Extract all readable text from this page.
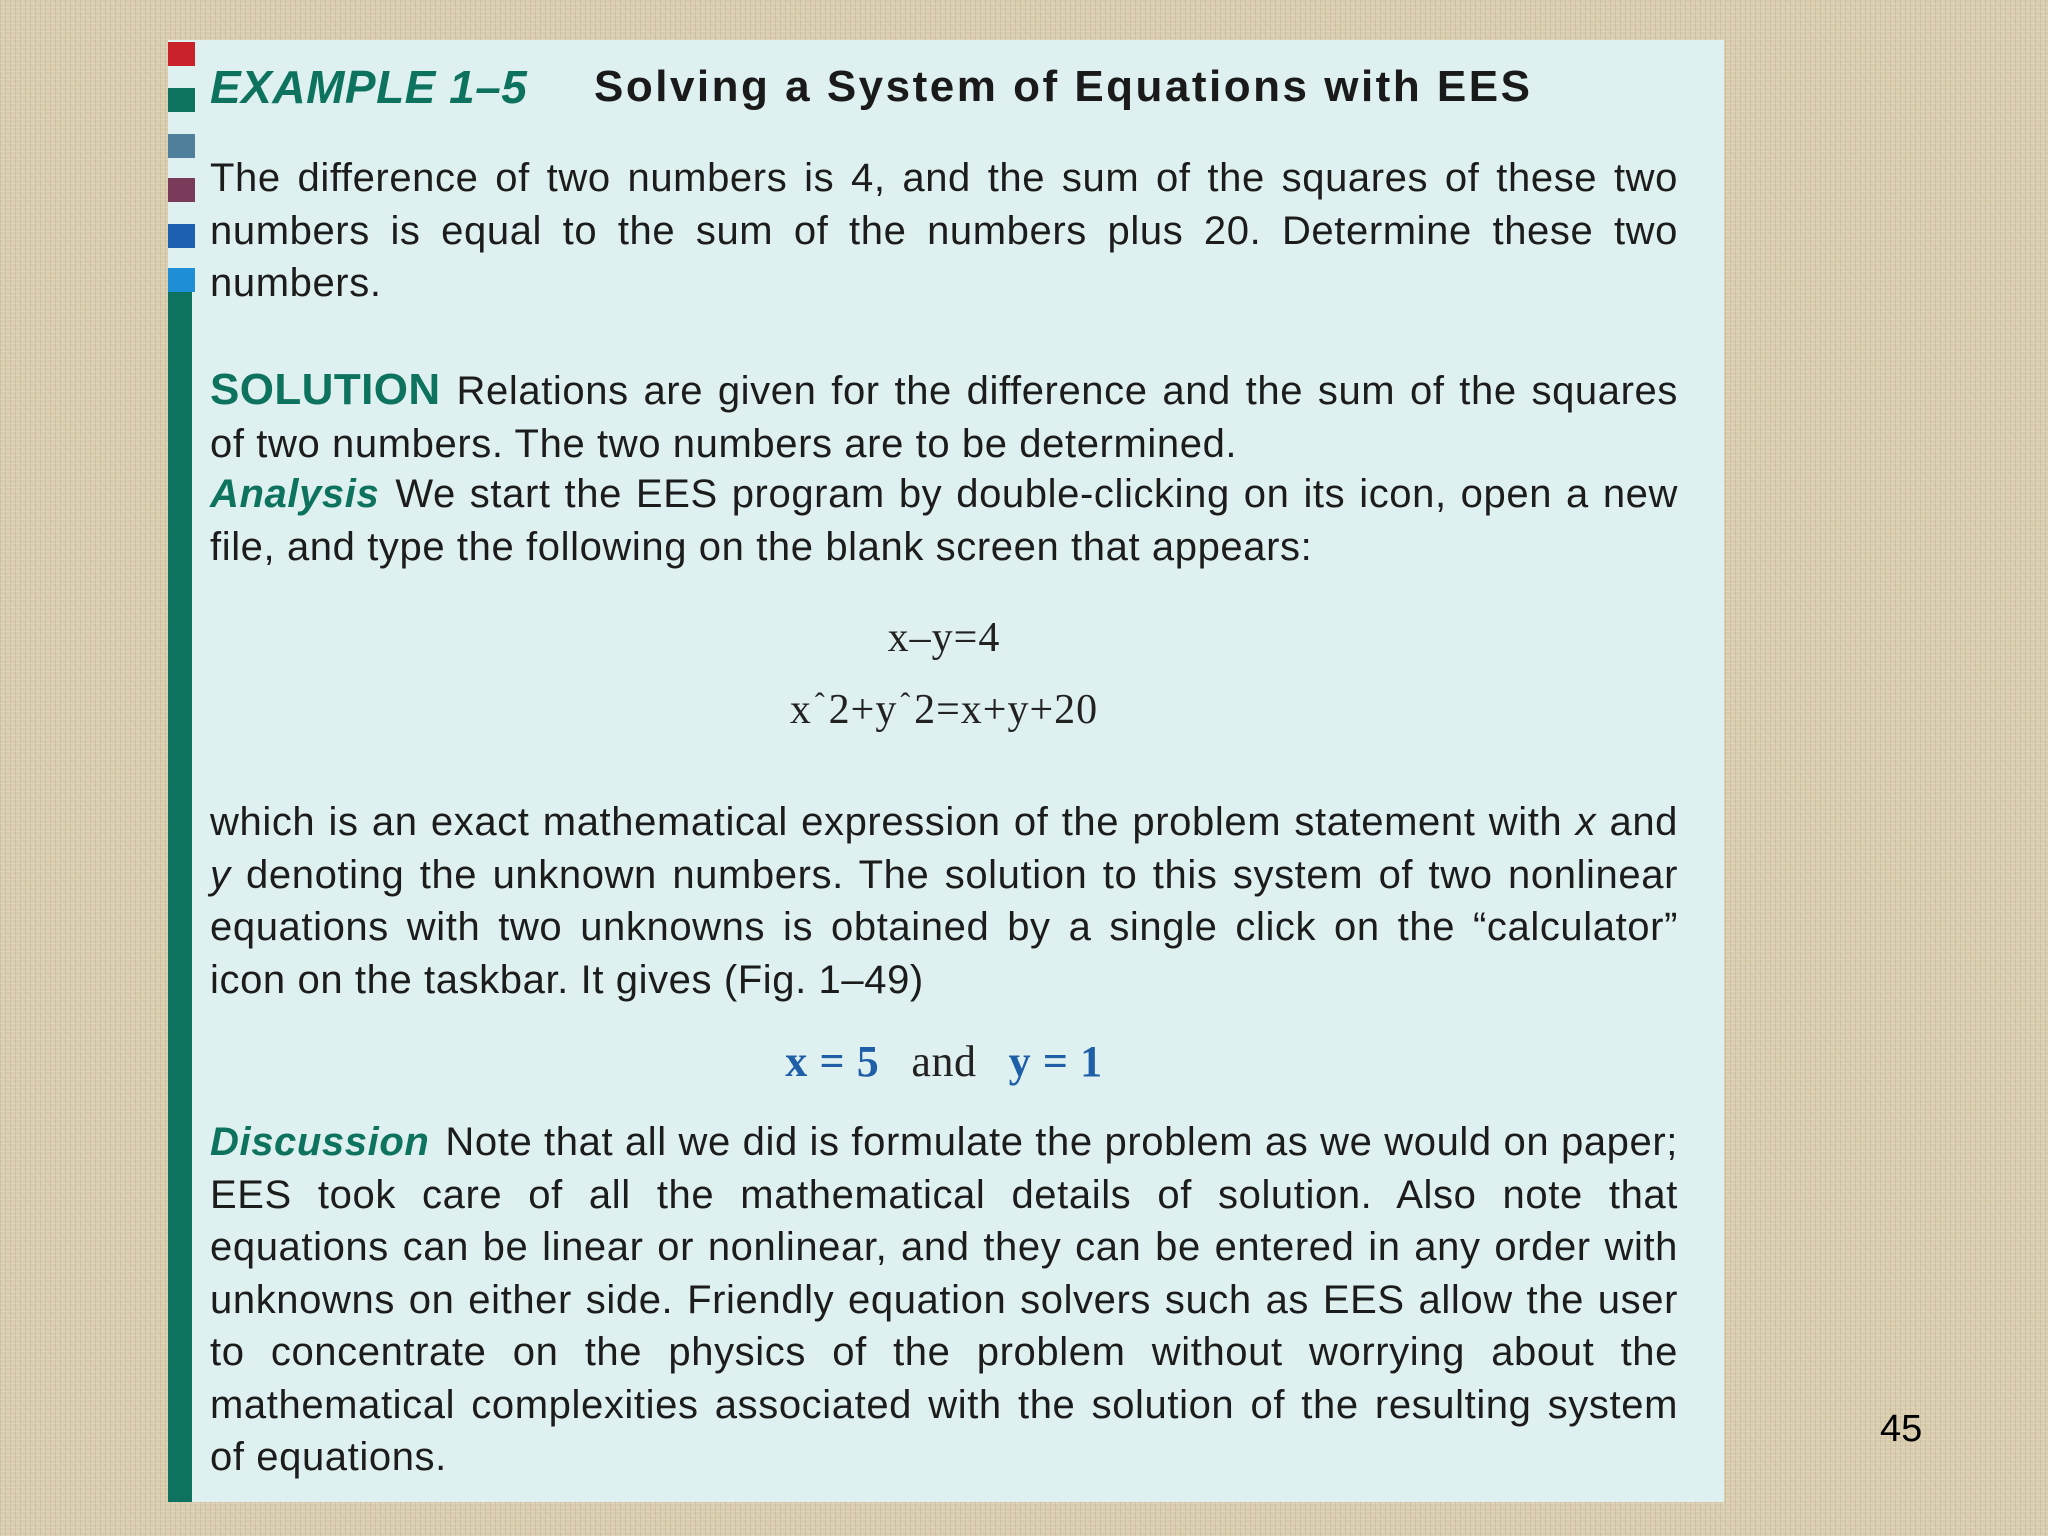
EXAMPLE 1–5 Solving a System of Equations with EES

The difference of two numbers is 4, and the sum of the squares of these two numbers is equal to the sum of the numbers plus 20. Determine these two numbers.

SOLUTION Relations are given for the difference and the sum of the squares of two numbers. The two numbers are to be determined.

Analysis We start the EES program by double-clicking on its icon, open a new file, and type the following on the blank screen that appears:

x–y=4
x $^ˆ$2+y $^ˆ$2=x+y+20

which is an exact mathematical expression of the problem statement with x and y denoting the unknown numbers. The solution to this system of two nonlinear equations with two unknowns is obtained by a single click on the “calculator” icon on the taskbar. It gives (Fig. 1–49)

x = 5 and y = 1

Discussion Note that all we did is formulate the problem as we would on paper; EES took care of all the mathematical details of solution. Also note that equations can be linear or nonlinear, and they can be entered in any order with unknowns on either side. Friendly equation solvers such as EES allow the user to concentrate on the physics of the problem without worrying about the mathematical complexities associated with the solution of the resulting system of equations.

45
